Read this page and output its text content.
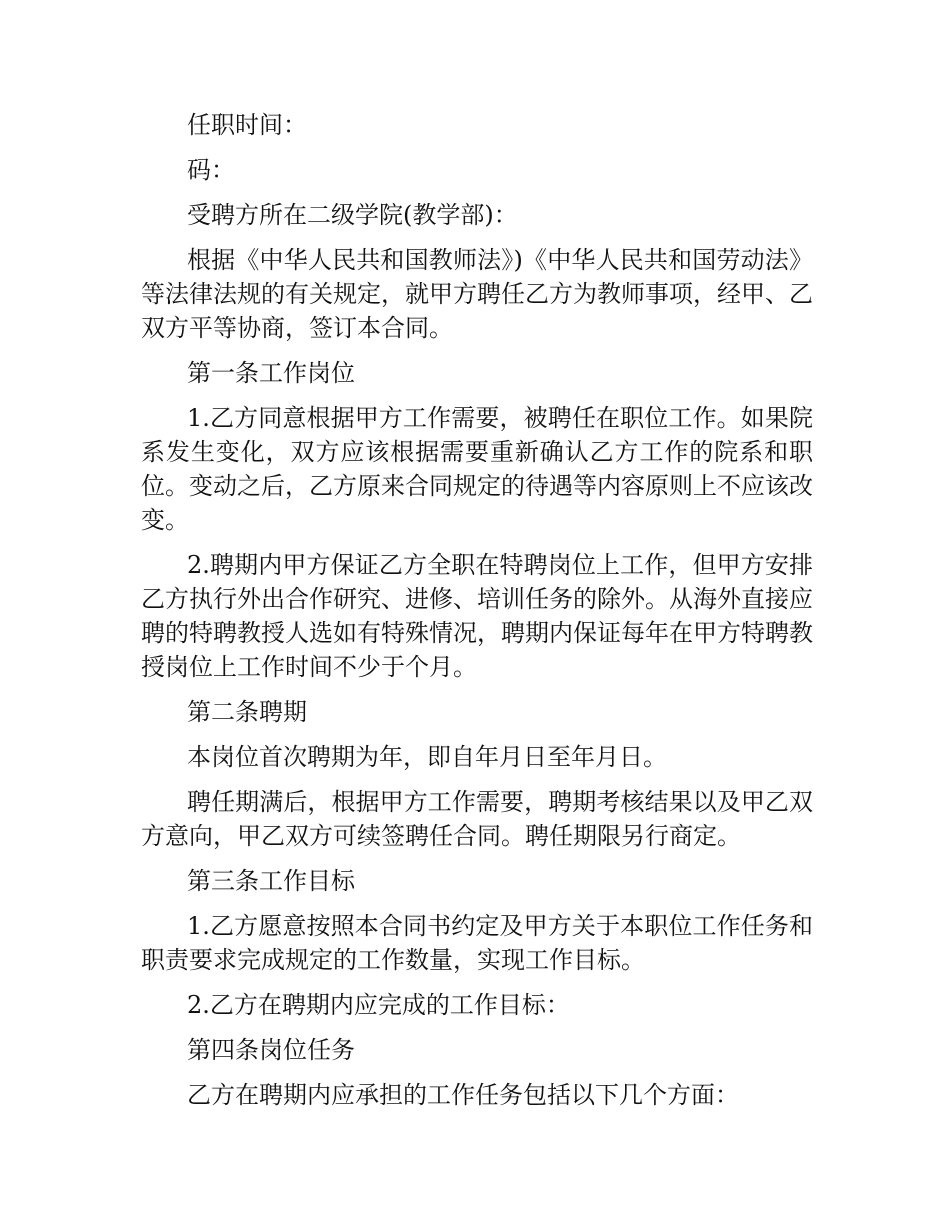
任职时间：

码：

受聘方所在二级学院(教学部)：

根据《中华人民共和国教师法》)《中华人民共和国劳动法》等法律法规的有关规定，就甲方聘任乙方为教师事项，经甲、乙双方平等协商，签订本合同。

第一条工作岗位

1.乙方同意根据甲方工作需要，被聘任在职位工作。如果院系发生变化，双方应该根据需要重新确认乙方工作的院系和职位。变动之后，乙方原来合同规定的待遇等内容原则上不应该改变。

2.聘期内甲方保证乙方全职在特聘岗位上工作，但甲方安排乙方执行外出合作研究、进修、培训任务的除外。从海外直接应聘的特聘教授人选如有特殊情况，聘期内保证每年在甲方特聘教授岗位上工作时间不少于个月。

第二条聘期

本岗位首次聘期为年，即自年月日至年月日。

聘任期满后，根据甲方工作需要，聘期考核结果以及甲乙双方意向，甲乙双方可续签聘任合同。聘任期限另行商定。

第三条工作目标

1.乙方愿意按照本合同书约定及甲方关于本职位工作任务和职责要求完成规定的工作数量，实现工作目标。

2.乙方在聘期内应完成的工作目标：

第四条岗位任务

乙方在聘期内应承担的工作任务包括以下几个方面：
